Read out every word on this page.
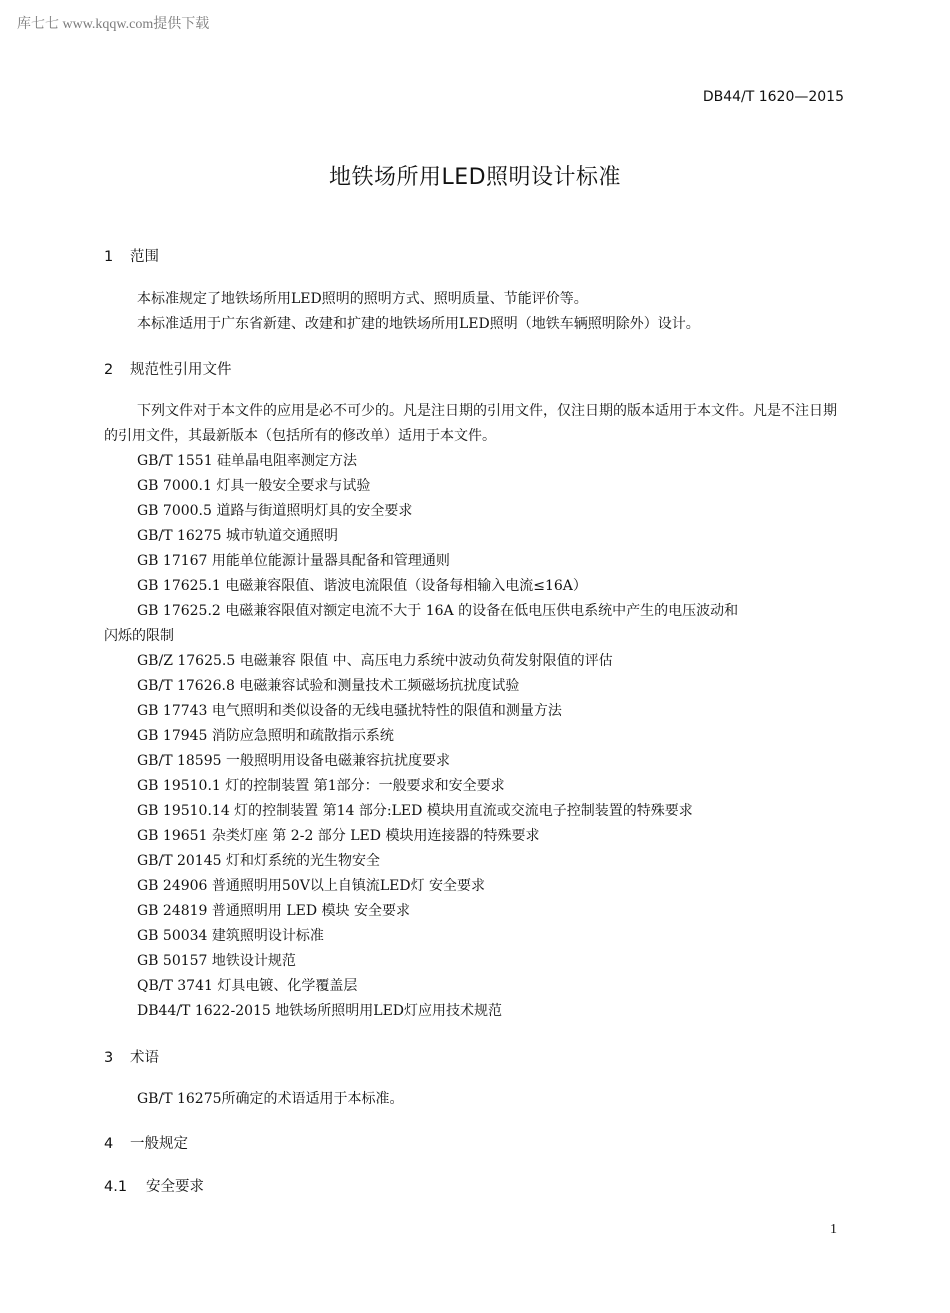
库七七 www.kqqw.com提供下载
DB44/T 1620—2015
地铁场所用LED照明设计标准
1 范围
本标准规定了地铁场所用LED照明的照明方式、照明质量、节能评价等。
本标准适用于广东省新建、改建和扩建的地铁场所用LED照明（地铁车辆照明除外）设计。
2 规范性引用文件
下列文件对于本文件的应用是必不可少的。凡是注日期的引用文件，仅注日期的版本适用于本文件。凡是不注日期的引用文件，其最新版本（包括所有的修改单）适用于本文件。
GB/T 1551 硅单晶电阻率测定方法
GB 7000.1 灯具一般安全要求与试验
GB 7000.5 道路与街道照明灯具的安全要求
GB/T 16275 城市轨道交通照明
GB 17167 用能单位能源计量器具配备和管理通则
GB 17625.1 电磁兼容限值、谐波电流限值（设备每相输入电流≤16A）
GB 17625.2 电磁兼容限值对额定电流不大于 16A 的设备在低电压供电系统中产生的电压波动和
闪烁的限制
GB/Z 17625.5 电磁兼容 限值 中、高压电力系统中波动负荷发射限值的评估
GB/T 17626.8 电磁兼容试验和测量技术工频磁场抗扰度试验
GB 17743 电气照明和类似设备的无线电骚扰特性的限值和测量方法
GB 17945 消防应急照明和疏散指示系统
GB/T 18595 一般照明用设备电磁兼容抗扰度要求
GB 19510.1 灯的控制装置 第1部分：一般要求和安全要求
GB 19510.14 灯的控制装置 第14 部分:LED 模块用直流或交流电子控制装置的特殊要求
GB 19651 杂类灯座 第 2-2 部分 LED 模块用连接器的特殊要求
GB/T 20145 灯和灯系统的光生物安全
GB 24906 普通照明用50V以上自镇流LED灯 安全要求
GB 24819 普通照明用 LED 模块 安全要求
GB 50034 建筑照明设计标准
GB 50157 地铁设计规范
QB/T 3741 灯具电镀、化学覆盖层
DB44/T 1622-2015 地铁场所照明用LED灯应用技术规范
3 术语
GB/T 16275所确定的术语适用于本标准。
4 一般规定
4.1 安全要求
1
